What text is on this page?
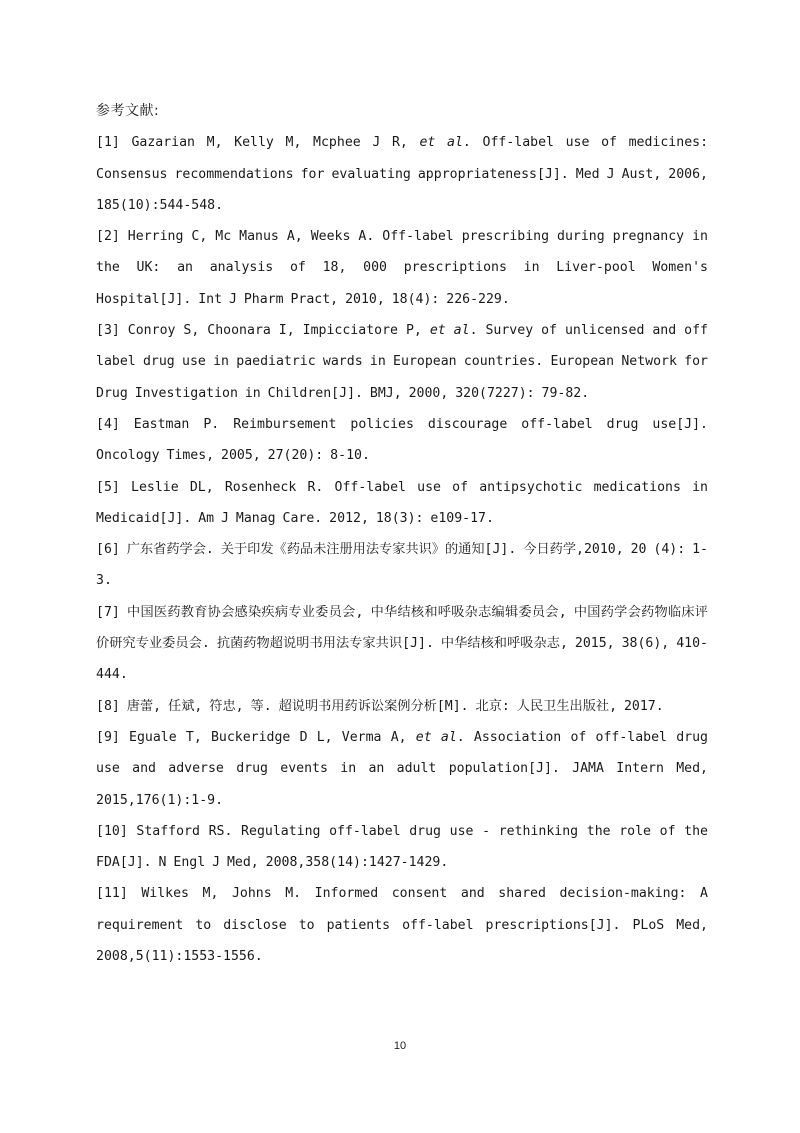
参考文献:
[1] Gazarian M, Kelly M, Mcphee J R, et al. Off-label use of medicines: Consensus recommendations for evaluating appropriateness[J]. Med J Aust, 2006, 185(10):544-548.
[2] Herring C, Mc Manus A, Weeks A. Off-label prescribing during pregnancy in the UK: an analysis of 18, 000 prescriptions in Liver-pool Women's Hospital[J]. Int J Pharm Pract, 2010, 18(4): 226-229.
[3] Conroy S, Choonara I, Impicciatore P, et al. Survey of unlicensed and off label drug use in paediatric wards in European countries. European Network for Drug Investigation in Children[J]. BMJ, 2000, 320(7227): 79-82.
[4] Eastman P. Reimbursement policies discourage off-label drug use[J]. Oncology Times, 2005, 27(20): 8-10.
[5] Leslie DL, Rosenheck R. Off-label use of antipsychotic medications in Medicaid[J]. Am J Manag Care. 2012, 18(3): e109-17.
[6] 广东省药学会. 关于印发《药品未注册用法专家共识》的通知[J]. 今日药学,2010, 20 (4): 1-3.
[7] 中国医药教育协会感染疾病专业委员会, 中华结核和呼吸杂志编辑委员会, 中国药学会药物临床评价研究专业委员会. 抗菌药物超说明书用法专家共识[J]. 中华结核和呼吸杂志, 2015, 38(6), 410-444.
[8] 唐蕾, 任斌, 符忠, 等. 超说明书用药诉讼案例分析[M]. 北京: 人民卫生出版社, 2017.
[9] Eguale T, Buckeridge D L, Verma A, et al. Association of off-label drug use and adverse drug events in an adult population[J]. JAMA Intern Med, 2015,176(1):1-9.
[10] Stafford RS. Regulating off-label drug use - rethinking the role of the FDA[J]. N Engl J Med, 2008,358(14):1427-1429.
[11] Wilkes M, Johns M. Informed consent and shared decision-making: A requirement to disclose to patients off-label prescriptions[J]. PLoS Med, 2008,5(11):1553-1556.
10
